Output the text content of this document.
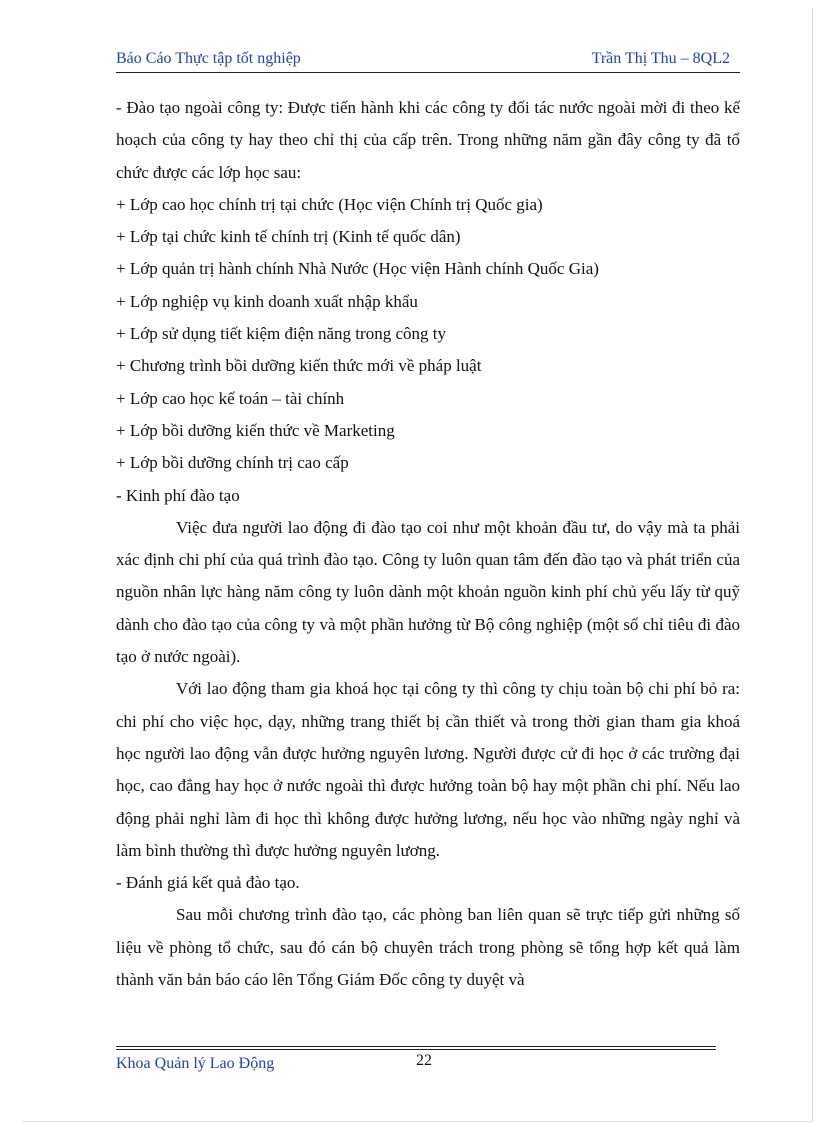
Báo Cáo Thực tập tốt nghiệp	Trần Thị Thu – 8QL2

- Đào tạo ngoài công ty: Được tiến hành khi các công ty đối tác nước ngoài mời đi theo kế hoạch của công ty hay theo chỉ thị của cấp trên. Trong những năm gần đây công ty đã tổ chức được các lớp học sau:

+ Lớp cao học chính trị tại chức (Học viện Chính trị Quốc gia)

+ Lớp tại chức kinh tế chính trị (Kinh tế quốc dân)

+ Lớp quản trị hành chính Nhà Nước (Học viện Hành chính Quốc Gia)

+ Lớp nghiệp vụ kinh doanh xuất nhập khẩu

+ Lớp sử dụng tiết kiệm điện năng trong công ty

+ Chương trình bồi dưỡng kiến thức mới về pháp luật

+ Lớp cao học kế toán – tài chính

+ Lớp bồi dưỡng kiến thức về Marketing

+ Lớp bồi dưỡng chính trị cao cấp

- Kinh phí đào tạo

Việc đưa người lao động đi đào tạo coi như một khoản đầu tư, do vậy mà ta phải xác định chi phí của quá trình đào tạo. Công ty luôn quan tâm đến đào tạo và phát triển của nguồn nhân lực hàng năm công ty luôn dành một khoản nguồn kinh phí chủ yếu lấy từ quỹ dành cho đào tạo của công ty và một phần hưởng từ Bộ công nghiệp (một số chỉ tiêu đi đào tạo ở nước ngoài).

Với lao động tham gia khoá học tại công ty thì công ty chịu toàn bộ chi phí bỏ ra: chi phí cho việc học, dạy, những trang thiết bị cần thiết và trong thời gian tham gia khoá học người lao động vẫn được hưởng nguyên lương. Người được cử đi học ở các trường đại học, cao đẳng hay học ở nước ngoài thì được hưởng toàn bộ hay một phần chi phí. Nếu lao động phải nghỉ làm đi học thì không được hưởng lương, nếu học vào những ngày nghỉ và làm bình thường thì được hưởng nguyên lương.

- Đánh giá kết quả đào tạo.

Sau mỗi chương trình đào tạo, các phòng ban liên quan sẽ trực tiếp gửi những số liệu về phòng tổ chức, sau đó cán bộ chuyên trách trong phòng sẽ tổng hợp kết quả làm thành văn bản báo cáo lên Tổng Giám Đốc công ty duyệt và

Khoa Quản lý Lao Động	22
